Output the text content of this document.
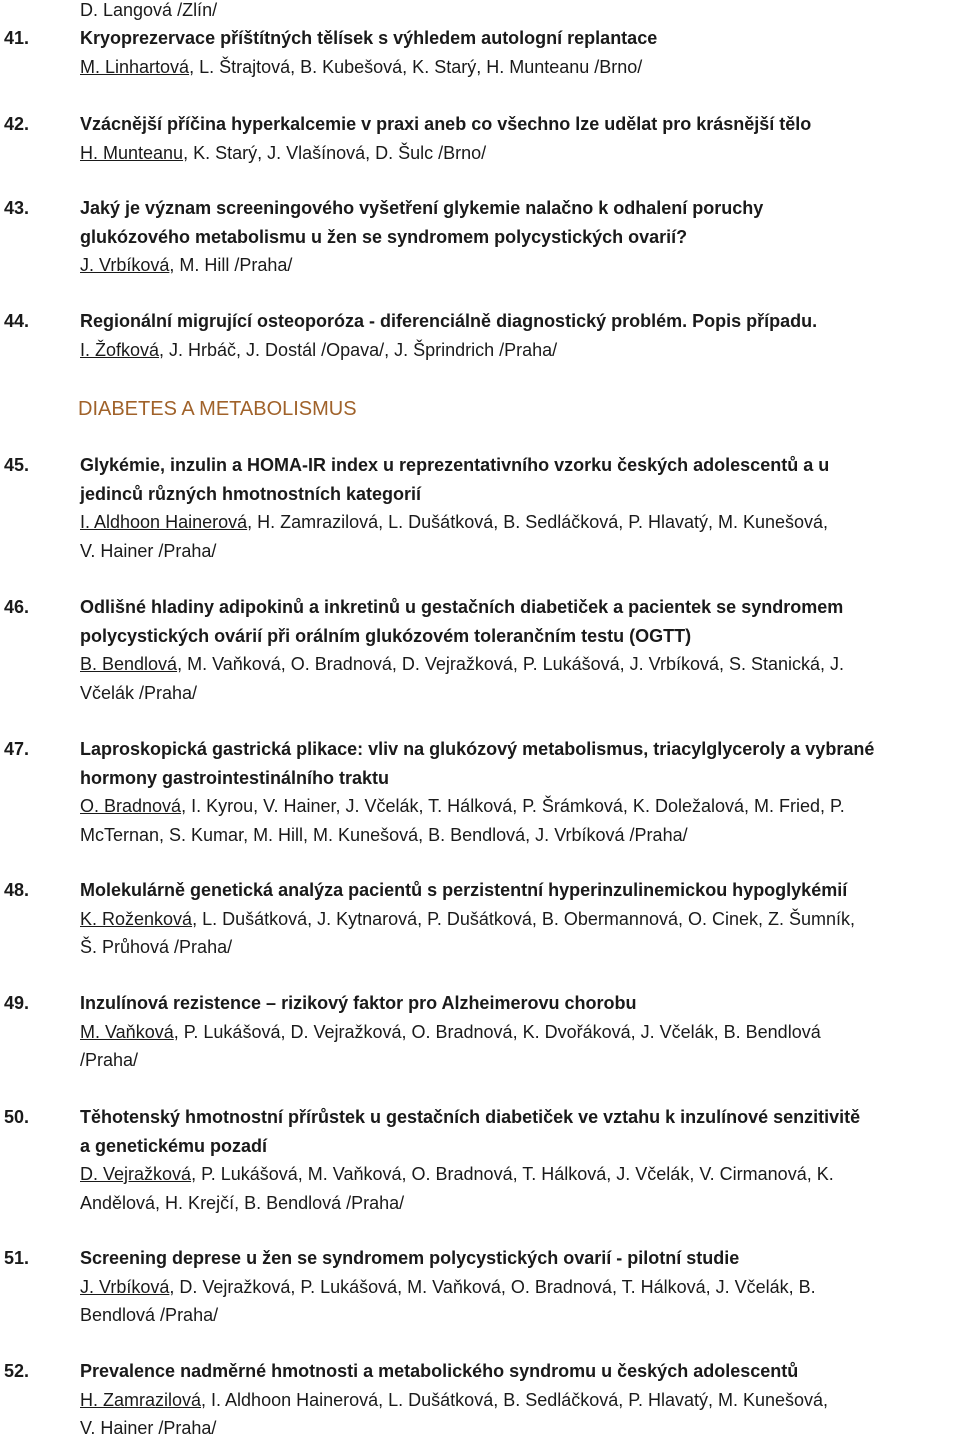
D. Langová /Zlín/
DIABETES A METABOLISMUS
41.	Kryoprezervace příštítných tělísek s výhledem autologní replantace
M. Linhartová, L. Štrajtová, B. Kubešová, K. Starý, H. Munteanu /Brno/
42.	Vzácnější příčina hyperkalcemie v praxi aneb co všechno lze udělat pro krásnější tělo
H. Munteanu, K. Starý, J. Vlašínová, D. Šulc /Brno/
43.	Jaký je význam screeningového vyšetření glykemie nalačno k odhalení poruchy
glukózového metabolismu u žen se syndromem polycystických ovarií?
J. Vrbíková, M. Hill /Praha/
44.	Regionální migrující osteoporóza - diferenciálně diagnostický problém. Popis případu.
I. Žofková, J. Hrbáč, J. Dostál /Opava/, J. Šprindrich /Praha/
45.	Glykémie, inzulin a HOMA-IR index u reprezentativního vzorku českých adolescentů a u
jedinců různých hmotnostních kategorií
I. Aldhoon Hainerová, H. Zamrazilová, L. Dušátková, B. Sedláčková, P. Hlavatý, M. Kunešová,
V. Hainer /Praha/
46.	Odlišné hladiny adipokinů a inkretinů u gestačních diabetiček a pacientek se syndromem
polycystických ovárií při orálním glukózovém tolerančním testu (OGTT)
B. Bendlová, M. Vaňková, O. Bradnová, D. Vejražková, P. Lukášová, J. Vrbíková, S. Stanická, J.
Včelák /Praha/
47.	Laproskopická gastrická plikace: vliv na glukózový metabolismus, triacylglyceroly a vybrané
hormony gastrointestinálního traktu
O. Bradnová, I. Kyrou, V. Hainer, J. Včelák, T. Hálková, P. Šrámková, K. Doležalová, M. Fried, P.
McTernan, S. Kumar, M. Hill, M. Kunešová, B. Bendlová, J. Vrbíková /Praha/
48.	Molekulárně genetická analýza pacientů s perzistentní hyperinzulinemickou hypoglykémií
K. Roženková, L. Dušátková, J. Kytnarová, P. Dušátková, B. Obermannová, O. Cinek, Z. Šumník,
Š. Průhová /Praha/
49.	Inzulínová rezistence – rizikový faktor pro Alzheimerovu chorobu
M. Vaňková, P. Lukášová, D. Vejražková, O. Bradnová, K. Dvořáková, J. Včelák, B. Bendlová
/Praha/
50.	Těhotenský hmotnostní přírůstek u gestačních diabetiček ve vztahu k inzulínové senzitivitě
a genetickému pozadí
D. Vejražková, P. Lukášová, M. Vaňková, O. Bradnová, T. Hálková, J. Včelák, V. Cirmanová, K.
Andělová, H. Krejčí, B. Bendlová /Praha/
51.	Screening deprese u žen se syndromem polycystických ovarií - pilotní studie
J. Vrbíková, D. Vejražková, P. Lukášová, M. Vaňková, O. Bradnová, T. Hálková, J. Včelák, B.
Bendlová /Praha/
52.	Prevalence nadměrné hmotnosti a metabolického syndromu u českých adolescentů
H. Zamrazilová, I. Aldhoon Hainerová, L. Dušátková, B. Sedláčková, P. Hlavatý, M. Kunešová,
V. Hainer /Praha/
